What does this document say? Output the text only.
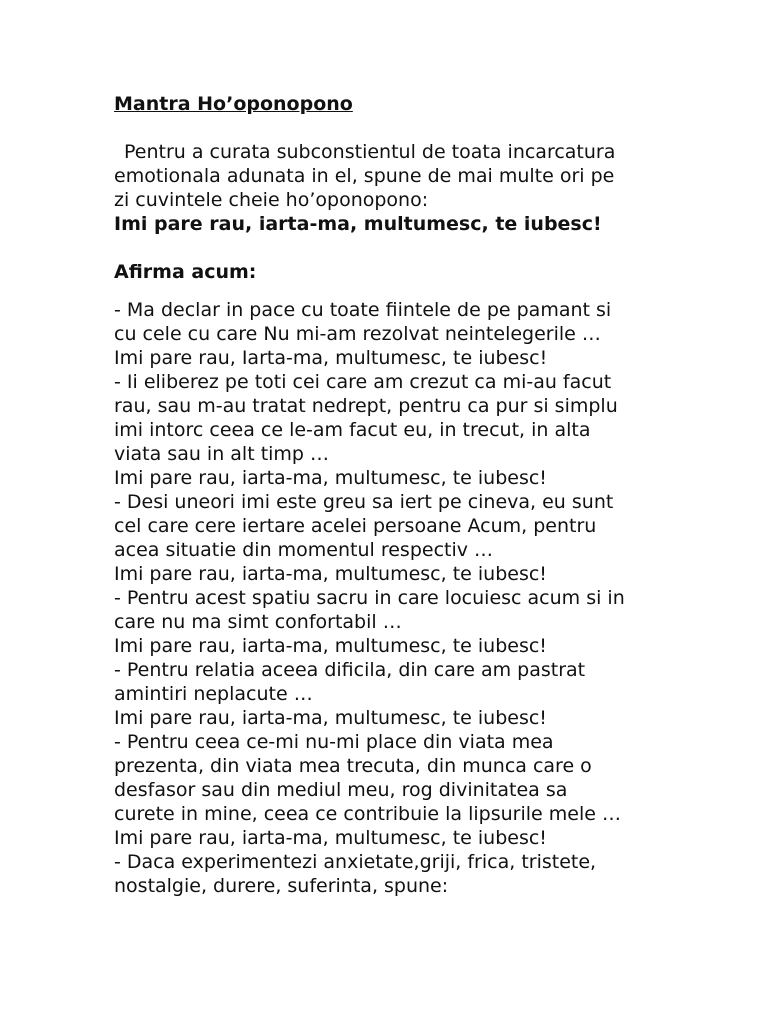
Mantra Ho’oponopono
Pentru a curata subconstientul de toata incarcatura
emotionala adunata in el, spune de mai multe ori pe
zi cuvintele cheie ho’oponopono:
Imi pare rau, iarta-ma, multumesc, te iubesc!
Afirma acum:
- Ma declar in pace cu toate fiintele de pe pamant si
cu cele cu care Nu mi-am rezolvat neintelegerile …
Imi pare rau, Iarta-ma, multumesc, te iubesc!
- Ii eliberez pe toti cei care am crezut ca mi-au facut
rau, sau m-au tratat nedrept, pentru ca pur si simplu
imi intorc ceea ce le-am facut eu, in trecut, in alta
viata sau in alt timp …
Imi pare rau, iarta-ma, multumesc, te iubesc!
- Desi uneori imi este greu sa iert pe cineva, eu sunt
cel care cere iertare acelei persoane Acum, pentru
acea situatie din momentul respectiv …
Imi pare rau, iarta-ma, multumesc, te iubesc!
- Pentru acest spatiu sacru in care locuiesc acum si in
care nu ma simt confortabil …
Imi pare rau, iarta-ma, multumesc, te iubesc!
- Pentru relatia aceea dificila, din care am pastrat
amintiri neplacute …
Imi pare rau, iarta-ma, multumesc, te iubesc!
- Pentru ceea ce-mi nu-mi place din viata mea
prezenta, din viata mea trecuta, din munca care o
desfasor sau din mediul meu, rog divinitatea sa
curete in mine, ceea ce contribuie la lipsurile mele …
Imi pare rau, iarta-ma, multumesc, te iubesc!
- Daca experimentezi anxietate,griji, frica, tristete,
nostalgie, durere, suferinta, spune:
